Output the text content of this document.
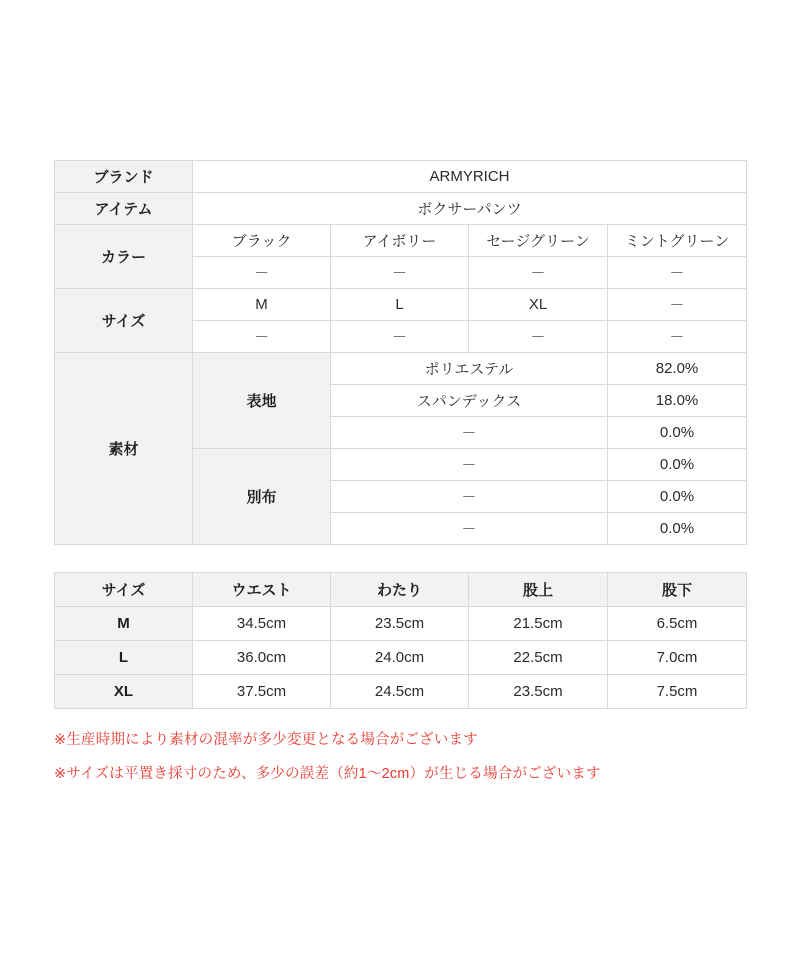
ブランド	ARMYRICH			
アイテム	ボクサーパンツ			
カラー	ブラック	アイボリー	セージグリーン	ミントグリーン
	－	－	－	－
サイズ	M	L	XL	－
	－	－	－	－
素材	表地	ポリエステル		82.0%
		スパンデックス		18.0%
		－		0.0%
	別布	－		0.0%
		－		0.0%
		－		0.0%
サイズ	ウエスト	わたり	股上	股下
M	34.5cm	23.5cm	21.5cm	6.5cm
L	36.0cm	24.0cm	22.5cm	7.0cm
XL	37.5cm	24.5cm	23.5cm	7.5cm
※生産時期により素材の混率が多少変更となる場合がございます
※サイズは平置き採寸のため、多少の誤差（約1〜2cm）が生じる場合がございます
